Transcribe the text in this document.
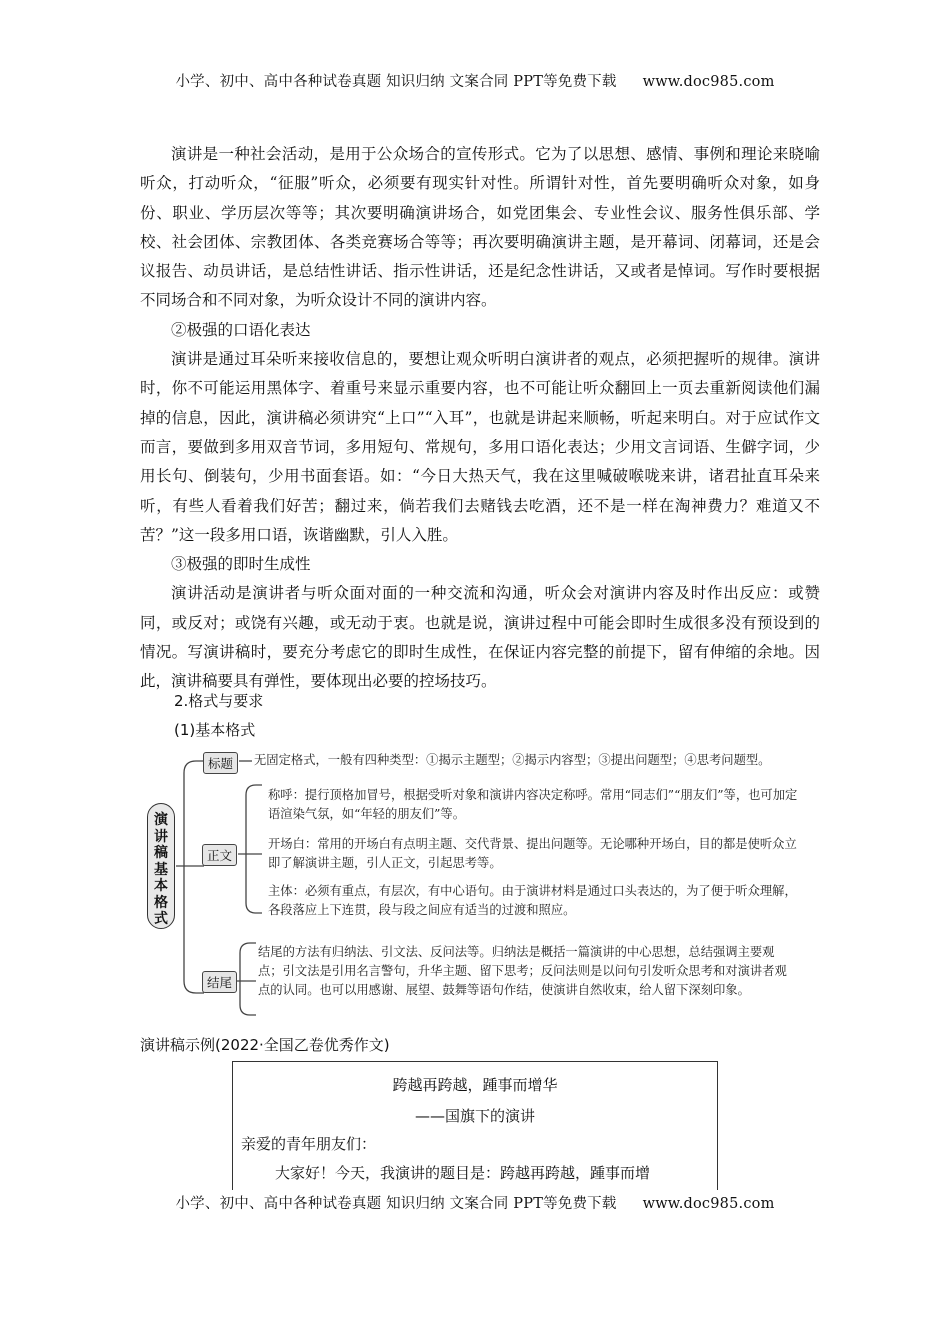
小学、初中、高中各种试卷真题 知识归纳 文案合同 PPT等免费下载 www.doc985.com

演讲是一种社会活动，是用于公众场合的宣传形式。它为了以思想、感情、事例和理论来晓喻听众，打动听众，“征服”听众，必须要有现实针对性。所谓针对性，首先要明确听众对象，如身份、职业、学历层次等等；其次要明确演讲场合，如党团集会、专业性会议、服务性俱乐部、学校、社会团体、宗教团体、各类竞赛场合等等；再次要明确演讲主题，是开幕词、闭幕词，还是会议报告、动员讲话，是总结性讲话、指示性讲话，还是纪念性讲话，又或者是悼词。写作时要根据不同场合和不同对象，为听众设计不同的演讲内容。

②极强的口语化表达

演讲是通过耳朵听来接收信息的，要想让观众听明白演讲者的观点，必须把握听的规律。演讲时，你不可能运用黑体字、着重号来显示重要内容，也不可能让听众翻回上一页去重新阅读他们漏掉的信息，因此，演讲稿必须讲究“上口”“入耳”，也就是讲起来顺畅，听起来明白。对于应试作文而言，要做到多用双音节词，多用短句、常规句，多用口语化表达；少用文言词语、生僻字词，少用长句、倒装句，少用书面套语。如：“今日大热天气，我在这里喊破喉咙来讲，诸君扯直耳朵来听，有些人看着我们好苦；翻过来，倘若我们去赌钱去吃酒，还不是一样在淘神费力？难道又不苦？”这一段多用口语，诙谐幽默，引人入胜。

③极强的即时生成性

演讲活动是演讲者与听众面对面的一种交流和沟通，听众会对演讲内容及时作出反应：或赞同，或反对；或饶有兴趣，或无动于衷。也就是说，演讲过程中可能会即时生成很多没有预设到的情况。写演讲稿时，要充分考虑它的即时生成性，在保证内容完整的前提下，留有伸缩的余地。因此，演讲稿要具有弹性，要体现出必要的控场技巧。

2.格式与要求
(1)基本格式
演
讲
稿
基
本
格
式
标题	无固定格式，一般有四种类型：①揭示主题型；②揭示内容型；③提出问题型；④思考问题型。
正文
称呼：提行顶格加冒号，根据受听对象和演讲内容决定称呼。常用“同志们”“朋友们”等，也可加定语渲染气氛，如“年轻的朋友们”等。
开场白：常用的开场白有点明主题、交代背景、提出问题等。无论哪种开场白，目的都是使听众立即了解演讲主题，引人正文，引起思考等。
主体：必须有重点，有层次，有中心语句。由于演讲材料是通过口头表达的，为了便于听众理解，各段落应上下连贯，段与段之间应有适当的过渡和照应。
结尾
结尾的方法有归纳法、引文法、反问法等。归纳法是概括一篇演讲的中心思想，总结强调主要观点；引文法是引用名言警句，升华主题、留下思考；反问法则是以问句引发听众思考和对演讲者观点的认同。也可以用感谢、展望、鼓舞等语句作结，使演讲自然收束，给人留下深刻印象。
演讲稿示例(2022·全国乙卷优秀作文)
跨越再跨越，踵事而增华
——国旗下的演讲
亲爱的青年朋友们：
大家好！今天，我演讲的题目是：跨越再跨越，踵事而增
小学、初中、高中各种试卷真题 知识归纳 文案合同 PPT等免费下载 www.doc985.com
